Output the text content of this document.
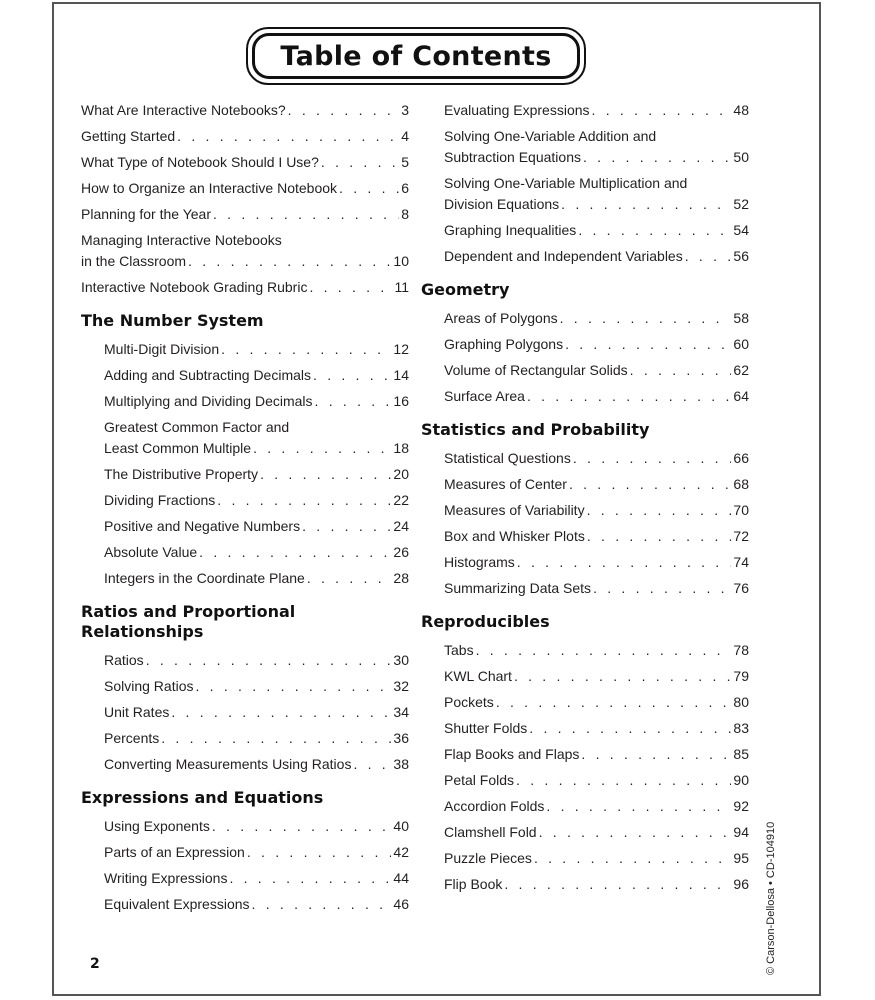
Table of Contents
What Are Interactive Notebooks? . . .	3
Getting Started . . .	4
What Type of Notebook Should I Use? . . .	5
How to Organize an Interactive Notebook . . .	6
Planning for the Year . . .	8
Managing Interactive Notebooks
in the Classroom . . .	10
Interactive Notebook Grading Rubric . . .	11
The Number System
Multi-Digit Division . . .	12
Adding and Subtracting Decimals . . .	14
Multiplying and Dividing Decimals . . .	16
Greatest Common Factor and
Least Common Multiple . . .	18
The Distributive Property . . .	20
Dividing Fractions . . .	22
Positive and Negative Numbers . . .	24
Absolute Value . . .	26
Integers in the Coordinate Plane . . .	28
Ratios and Proportional
Relationships
Ratios . . .	30
Solving Ratios . . .	32
Unit Rates . . .	34
Percents . . .	36
Converting Measurements Using Ratios . . .	38
Expressions and Equations
Using Exponents . . .	40
Parts of an Expression . . .	42
Writing Expressions . . .	44
Equivalent Expressions . . .	46
Evaluating Expressions . . .	48
Solving One-Variable Addition and
Subtraction Equations . . .	50
Solving One-Variable Multiplication and
Division Equations . . .	52
Graphing Inequalities . . .	54
Dependent and Independent Variables . . .	56
Geometry
Areas of Polygons . . .	58
Graphing Polygons . . .	60
Volume of Rectangular Solids . . .	62
Surface Area . . .	64
Statistics and Probability
Statistical Questions . . .	66
Measures of Center . . .	68
Measures of Variability . . .	70
Box and Whisker Plots . . .	72
Histograms . . .	74
Summarizing Data Sets . . .	76
Reproducibles
Tabs . . .	78
KWL Chart . . .	79
Pockets . . .	80
Shutter Folds . . .	83
Flap Books and Flaps . . .	85
Petal Folds . . .	90
Accordion Folds . . .	92
Clamshell Fold . . .	94
Puzzle Pieces . . .	95
Flip Book . . .	96
2	© Carson-Dellosa • CD-104910
